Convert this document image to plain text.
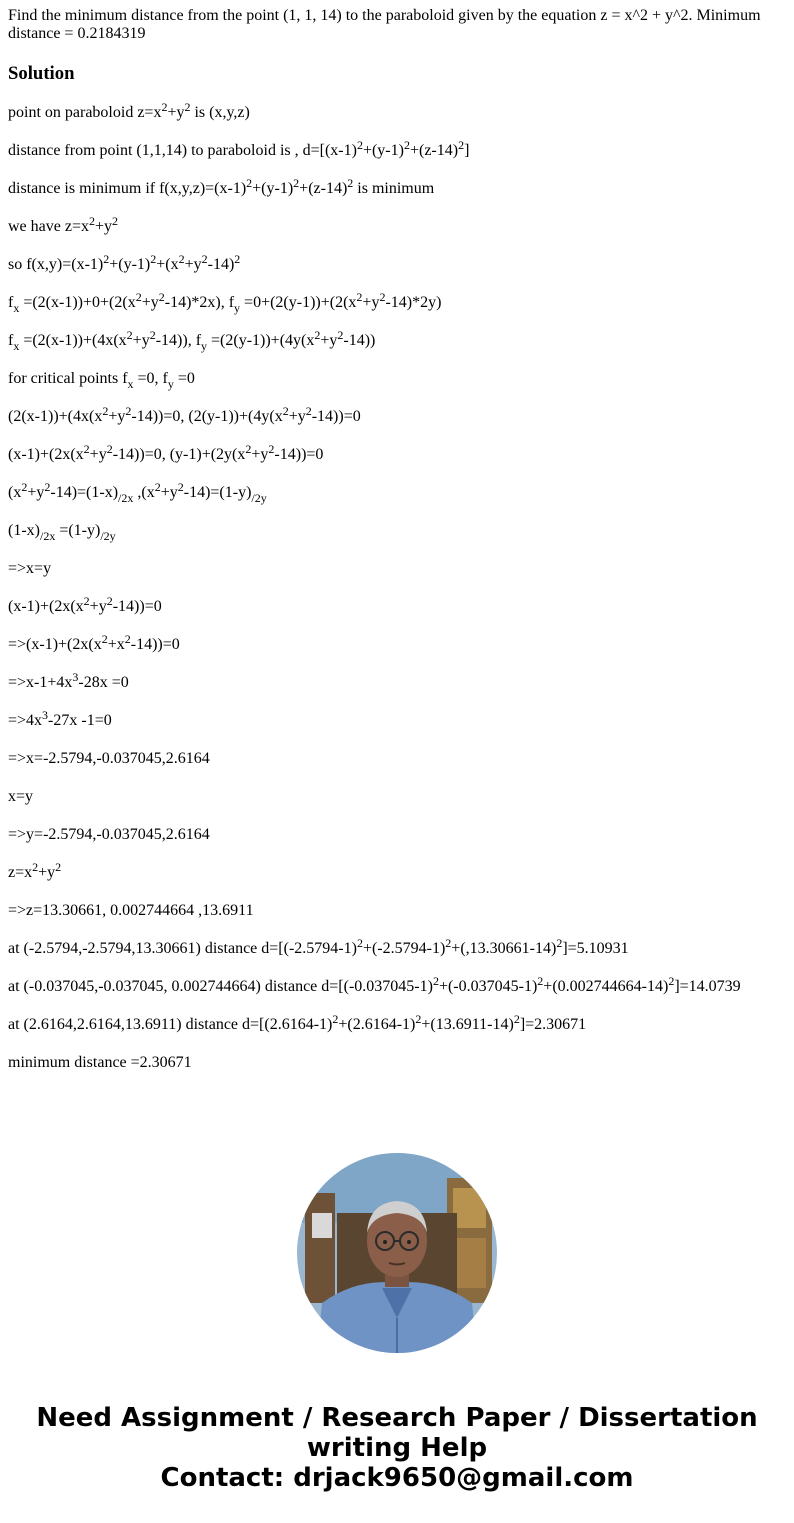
Find the minimum distance from the point (1, 1, 14) to the paraboloid given by the equation z = x^2 + y^2. Minimum distance = 0.2184319

Solution

point on paraboloid $z=x^2+y^2$ is (x,y,z)

distance from point (1,1,14) to paraboloid is , $d=[(x-1)^2+(y-1)^2+(z-14)^2]$

distance is minimum if $f(x,y,z)=(x-1)^2+(y-1)^2+(z-14)^2$ is minimum

we have $z=x^2+y^2$

so $f(x,y)=(x-1)^2+(y-1)^2+(x^2+y^2-14)^2$

$f_x =(2(x-1))+0+(2(x^2+y^2-14)*2x)$, $f_y =0+(2(y-1))+(2(x^2+y^2-14)*2y)$

$f_x =(2(x-1))+(4x(x^2+y^2-14))$, $f_y =(2(y-1))+(4y(x^2+y^2-14))$

for critical points $f_x =0$, $f_y =0$

$(2(x-1))+(4x(x^2+y^2-14))=0$, $(2(y-1))+(4y(x^2+y^2-14))=0$

$(x-1)+(2x(x^2+y^2-14))=0$, $(y-1)+(2y(x^2+y^2-14))=0$

$(x^2+y^2-14)=(1-x)_{/2x}$ $,(x^2+y^2-14)=(1-y)_{/2y}$

$(1-x)_{/2x} =(1-y)_{/2y}$

=>x=y

$(x-1)+(2x(x^2+y^2-14))=0$

$=>(x-1)+(2x(x^2+x^2-14))=0$

$=>x-1+4x^3-28x =0$

$=>4x^3-27x$ -1=0

=>x=-2.5794,-0.037045,2.6164

x=y

=>y=-2.5794,-0.037045,2.6164

$z=x^2+y^2$

=>z=13.30661, 0.002744664 ,13.6911

at (-2.5794,-2.5794,13.30661) distance $d=[(-2.5794-1)^2+(-2.5794-1)^2+(,13.30661-14)^2]=5.10931$

at (-0.037045,-0.037045, 0.002744664) distance $d=[(-0.037045-1)^2+(-0.037045-1)^2+(0.002744664-14)^2]=14.0739$

at (2.6164,2.6164,13.6911) distance $d=[(2.6164-1)^2+(2.6164-1)^2+(13.6911-14)^2]=2.30671$

minimum distance =2.30671

Need Assignment / Research Paper / Dissertation
writing Help
Contact: drjack9650@gmail.com
